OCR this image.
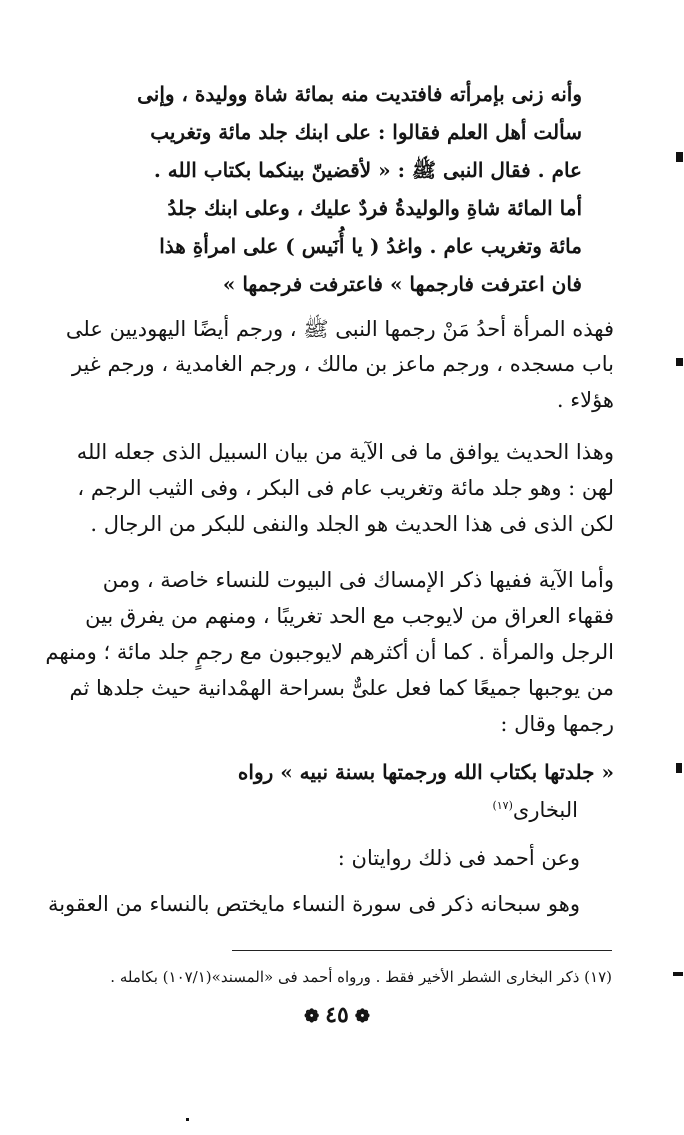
وأنه زنى بإمرأته فافتديت منه بمائة شاة ووليدة ، وإنى
سألت أهل العلم فقالوا : على ابنك جلد مائة وتغريب
عام . فقال النبى ﷺ : « لأقضينّ بينكما بكتاب الله .
أما المائة شاةِ والوليدةُ فردٌ عليك ، وعلى ابنك جلدُ
مائة وتغريب عام . واغدُ ( يا أُنَيس ) على امرأةِ هذا
فان اعترفت فارجمها » فاعترفت فرجمها »
فهذه المرأة أحدُ مَنْ رجمها النبى ﷺ ، ورجم أيضًا اليهوديين على
باب مسجده ، ورجم ماعز بن مالك ، ورجم الغامدية ، ورجم غير
هؤلاء .
وهذا الحديث يوافق ما فى الآية من بيان السبيل الذى جعله الله
لهن : وهو جلد مائة وتغريب عام فى البكر ، وفى الثيب الرجم ،
لكن الذى فى هذا الحديث هو الجلد والنفى للبكر من الرجال .
وأما الآية ففيها ذكر الإمساك فى البيوت للنساء خاصة ، ومن
فقهاء العراق من لايوجب مع الحد تغريبًا ، ومنهم من يفرق بين
الرجل والمرأة . كما أن أكثرهم لايوجبون مع رجمٍ جلد مائة ؛ ومنهم
من يوجبها جميعًا كما فعل علىٌّ بسراحة الهمْدانية حيث جلدها ثم
رجمها وقال :
« جلدتها بكتاب الله ورجمتها بسنة نبيه » رواه
البخارى$^{(١٧)}$
وعن أحمد فى ذلك روايتان :
وهو سبحانه ذكر فى سورة النساء مايختص بالنساء من العقوبة
(١٧) ذكر البخارى الشطر الأخير فقط . ورواه أحمد فى «المسند»(١٠٧/١) بكامله .
❁٤٥❁
